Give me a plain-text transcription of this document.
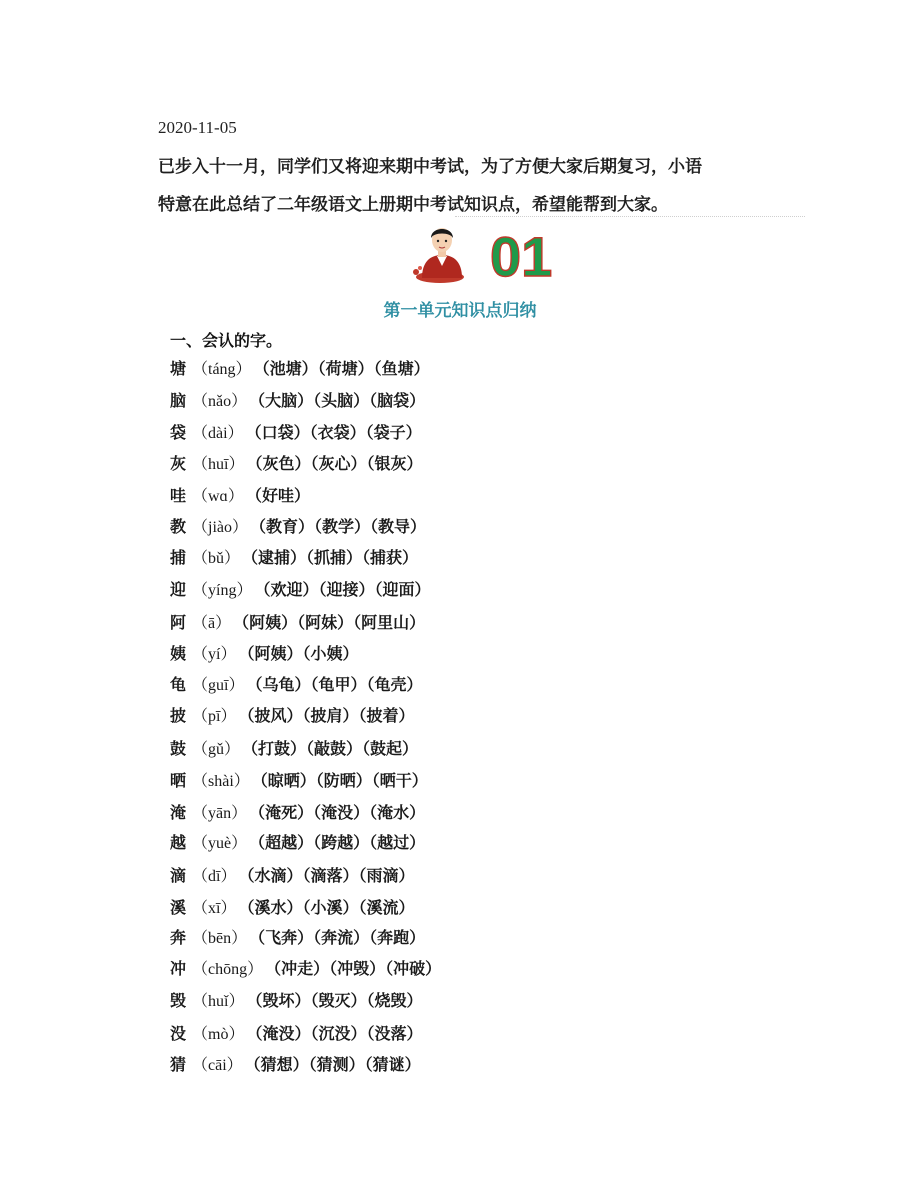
2020-11-05
已步入十一月，同学们又将迎来期中考试，为了方便大家后期复习，小语
特意在此总结了二年级语文上册期中考试知识点，希望能帮到大家。
01
第一单元知识点归纳
一、会认的字。
塘 （táng） （池塘）（荷塘）（鱼塘）
脑 （nǎo） （大脑）（头脑）（脑袋）
袋 （dài） （口袋）（衣袋）（袋子）
灰 （huī） （灰色）（灰心）（银灰）
哇 （wɑ） （好哇）
教 （jiào） （教育）（教学）（教导）
捕 （bǔ） （逮捕）（抓捕）（捕获）
迎 （yíng） （欢迎）（迎接）（迎面）
阿 （ā） （阿姨）（阿妹）（阿里山）
姨 （yí） （阿姨）（小姨）
龟 （guī） （乌龟）（龟甲）（龟壳）
披 （pī） （披风）（披肩）（披着）
鼓 （gǔ） （打鼓）（敲鼓）（鼓起）
晒 （shài） （晾晒）（防晒）（晒干）
淹 （yān） （淹死）（淹没）（淹水）
越 （yuè） （超越）（跨越）（越过）
滴 （dī） （水滴）（滴落）（雨滴）
溪 （xī） （溪水）（小溪）（溪流）
奔 （bēn） （飞奔）（奔流）（奔跑）
冲 （chōng） （冲走）（冲毁）（冲破）
毁 （huǐ） （毁坏）（毁灭）（烧毁）
没 （mò） （淹没）（沉没）（没落）
猜 （cāi） （猜想）（猜测）（猜谜）
